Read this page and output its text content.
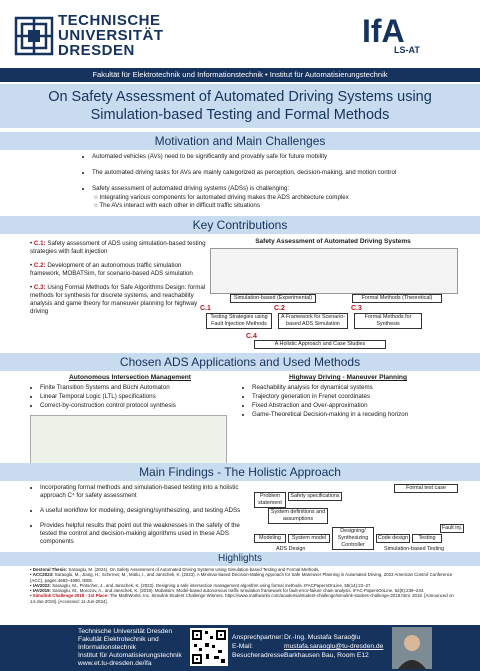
TECHNISCHE
UNIVERSITÄT
DRESDEN
IfA
LS-AT
Fakultät für Elektrotechnik und Informationstechnik • Institut für Automatisierungstechnik
On Safety Assessment of Automated Driving Systems using Simulation-based Testing and Formal Methods
Motivation and Main Challenges
• Automated vehicles (AVs) need to be significantly and provably safe for future mobility
• The automated driving tasks for AVs are mainly categorized as perception, decision-making, and motion control
• Safety assessment of automated driving systems (ADSs) is challenging:
○ Integrating various components for automated driving makes the ADS architecture complex
○ The AVs interact with each other in difficult traffic situations
Key Contributions
• C.1: Safety assessment of ADS using simulation-based testing strategies with fault injection
• C.2: Development of an autonomous traffic simulation framework, MOBATSim, for scenario-based ADS simulation
• C.3: Using Formal Methods for Safe Algorithms Design: formal methods for synthesis for discrete systems, and reachability analysis and game theory for maneuver planning for highway driving
Safety Assessment of Automated Driving Systems
Simulation-based (Experimental)	Formal Methods (Theoretical)
C.1	C.2	C.3
Testing Strategies using Fault Injection Methods
A Framework for Scenario-based ADS Simulation
Formal Methods for Synthesis
C.4
A Holistic Approach and Case Studies
Chosen ADS Applications and Used Methods
Autonomous Intersection Management
• Finite Transition Systems and Büchi Automaton
• Linear Temporal Logic (LTL) specifications
• Correct-by-construction control protocol synthesis
Highway Driving - Maneuver Planning
• Reachability analysis for dynamical systems
• Trajectory generation in Frenet coordinates
• Fixed Abstraction and Over-approximation
• Game-Theoretical Decision-making in a receding horizon
Main Findings - The Holistic Approach
• Incorporating formal methods and simulation-based testing into a holistic approach C⁴ for safety assessment
• A useful workflow for modeling, designing/synthesizing, and testing ADSs
• Provides helpful results that point out the weaknesses in the safety of the tested the control and decision-making algorithms used in these ADS components
Problem statement
Safety specifications
System definitions and assumptions
Modeling	System model
Designing/ Synthesizing Controller
Code design	Testing
Formal test case
ADS Design	Simulation-based Testing
Fault inj.
Highlights
• Doctoral Thesis: Saraoglu, M. (2024). On Safety Assessment of Automated Driving Systems Using Simulation-based Testing and Formal Methods.
• ACC2023: Saraoglu, M., Jiang, H., Schirmer, M., Mutlu, I., and Janschek, K. (2023). A Minimax-based Decision-Making Approach for Safe Maneuver Planning in Automated Driving, 2023 American Control Conference (ACC), pages 4683–4690, IEEE.
• IAV2022: Saraoglu, M., Pintscher, J., and Janschek, K. (2022). Designing a safe intersection management algorithm using formal methods. IFACPapersOnLine, 55(14):22–27.
• IAV2019: Saraoglu, M., Morozov, A., and Janschek, K. (2019). Mobatsim: Model-based autonomous traffic simulation framework for fault-error-failure chain analysis. IFAC-PapersOnLine, 52(8):239–244.
• Simulink Challenge 2018 - 1st Place: The MathWorks, Inc. Simulink Student Challenge Winners. https://www.mathworks.com/academia/student-challenge/simulink-student-challenge-2018.html. 2018. [Announced on 14-Jan-2019]. [Accessed: 11-Jun-2024].
Technische Universität Dresden
Fakultät Elektrotechnik und
Informationstechnik
Institut für Automatisierungstechnik
www.et.tu-dresden.de/ifa
Ansprechpartner:Dr.-Ing. Mustafa Saraoğlu
E-Mail:	mustafa.saraoglu@tu-dresden.de
Besucheradresse:Barkhausen Bau, Room E12
